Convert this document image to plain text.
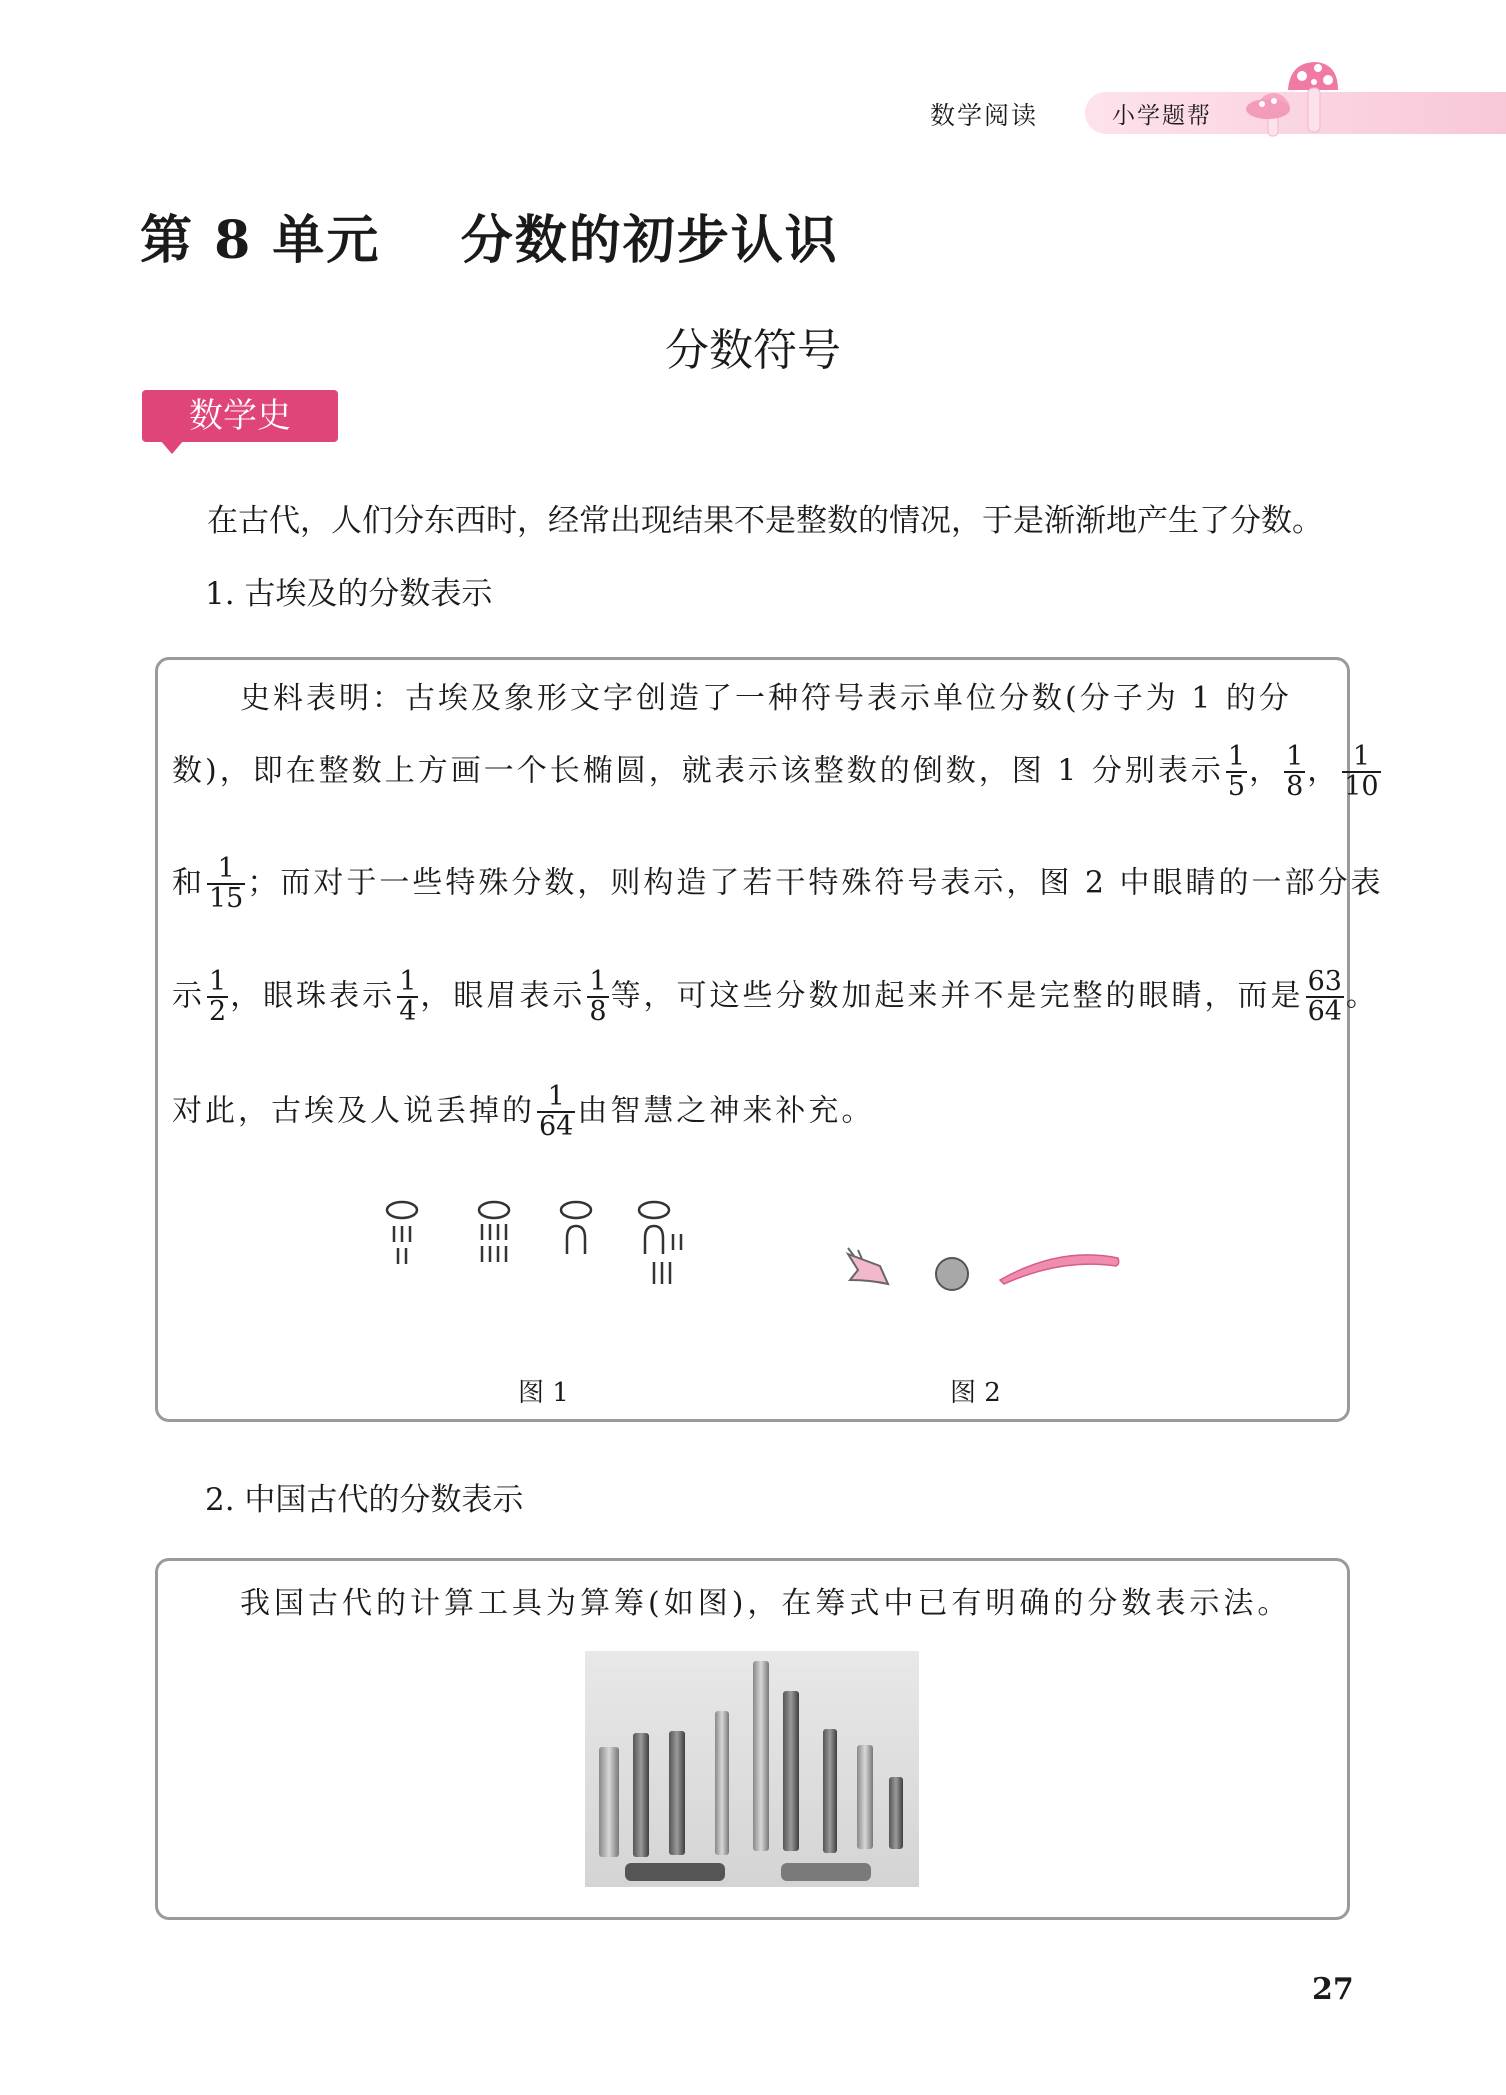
数学阅读	小学题帮
第 8 单元    分数的初步认识
分数符号
数学史
在古代，人们分东西时，经常出现结果不是整数的情况，于是渐渐地产生了分数。
1. 古埃及的分数表示
史料表明：古埃及象形文字创造了一种符号表示单位分数(分子为 1 的分
数)，即在整数上方画一个长椭圆，就表示该整数的倒数，图 1 分别表示 $\frac{1}{5}$ ， $\frac{1}{8}$ ， $\frac{1}{10}$
和 $\frac{1}{15}$ ；而对于一些特殊分数，则构造了若干特殊符号表示，图 2 中眼睛的一部分表
示 $\frac{1}{2}$ ，眼珠表示 $\frac{1}{4}$ ，眼眉表示 $\frac{1}{8}$ 等，可这些分数加起来并不是完整的眼睛，而是 $\frac{63}{64}$ 。
对此，古埃及人说丢掉的 $\frac{1}{64}$ 由智慧之神来补充。
图 1	图 2
2. 中国古代的分数表示
我国古代的计算工具为算筹(如图)，在筹式中已有明确的分数表示法。
27
